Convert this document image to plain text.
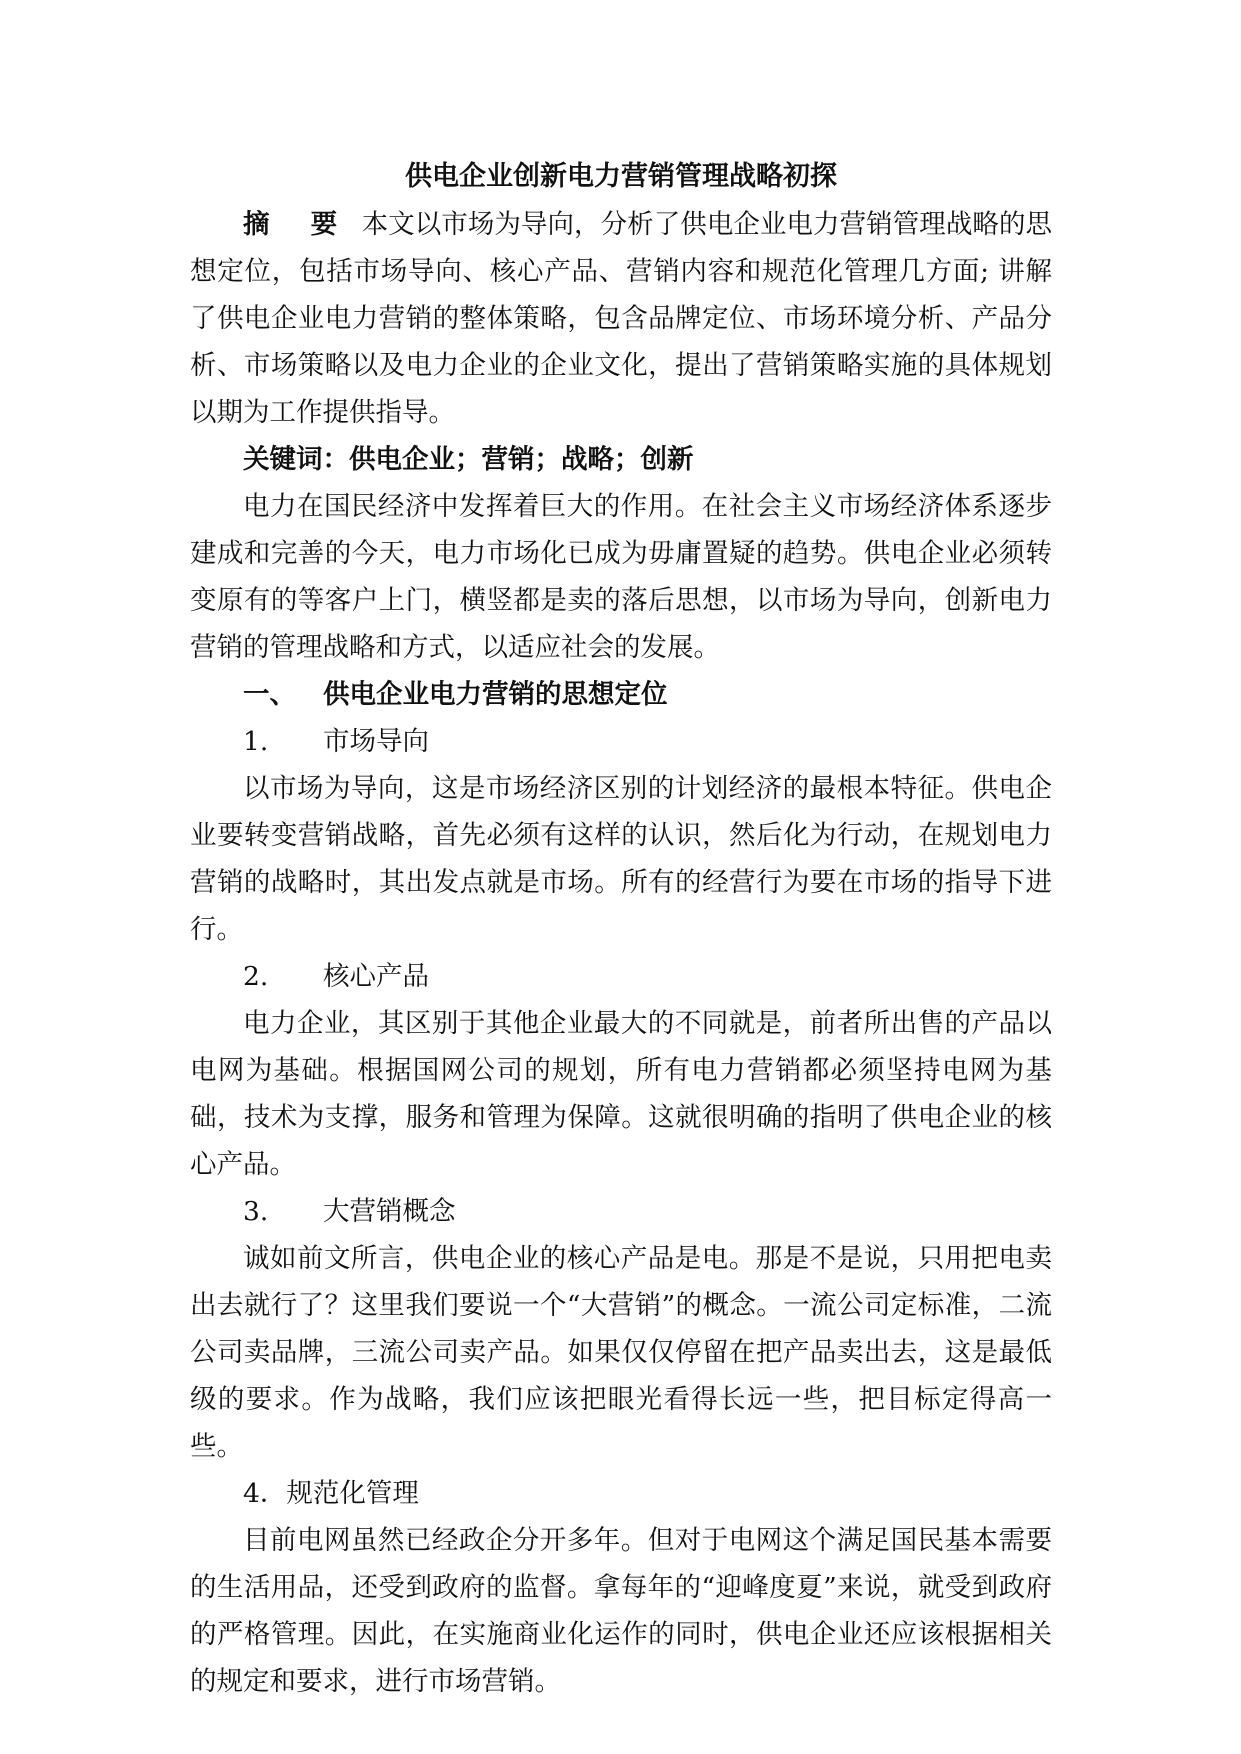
供电企业创新电力营销管理战略初探

摘 要 本文以市场为导向，分析了供电企业电力营销管理战略的思想定位，包括市场导向、核心产品、营销内容和规范化管理几方面; 讲解了供电企业电力营销的整体策略，包含品牌定位、市场环境分析、产品分析、市场策略以及电力企业的企业文化，提出了营销策略实施的具体规划以期为工作提供指导。

关键词：供电企业；营销；战略；创新

电力在国民经济中发挥着巨大的作用。在社会主义市场经济体系逐步建成和完善的今天，电力市场化已成为毋庸置疑的趋势。供电企业必须转变原有的等客户上门，横竖都是卖的落后思想，以市场为导向，创新电力营销的管理战略和方式，以适应社会的发展。

一、	供电企业电力营销的思想定位
1.	市场导向

以市场为导向，这是市场经济区别的计划经济的最根本特征。供电企业要转变营销战略，首先必须有这样的认识，然后化为行动，在规划电力营销的战略时，其出发点就是市场。所有的经营行为要在市场的指导下进行。

2.	核心产品

电力企业，其区别于其他企业最大的不同就是，前者所出售的产品以电网为基础。根据国网公司的规划，所有电力营销都必须坚持电网为基础，技术为支撑，服务和管理为保障。这就很明确的指明了供电企业的核心产品。

3.	大营销概念

诚如前文所言，供电企业的核心产品是电。那是不是说，只用把电卖出去就行了？这里我们要说一个“大营销”的概念。一流公司定标准，二流公司卖品牌，三流公司卖产品。如果仅仅停留在把产品卖出去，这是最低级的要求。作为战略，我们应该把眼光看得长远一些，把目标定得高一些。

4．规范化管理

目前电网虽然已经政企分开多年。但对于电网这个满足国民基本需要的生活用品，还受到政府的监督。拿每年的“迎峰度夏”来说，就受到政府的严格管理。因此，在实施商业化运作的同时，供电企业还应该根据相关的规定和要求，进行市场营销。
